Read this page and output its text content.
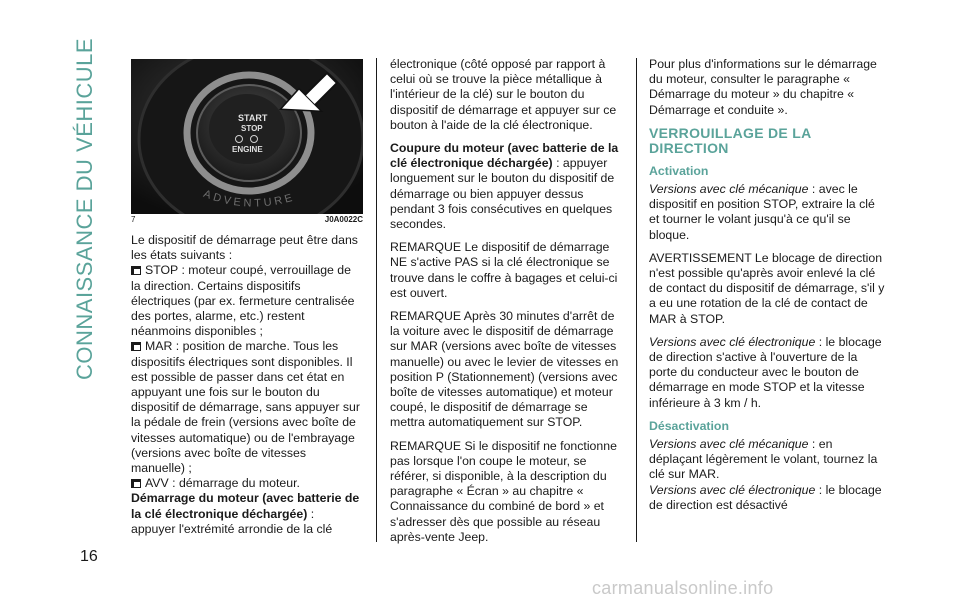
CONNAISSANCE DU VÉHICULE
16
START
STOP
ENGINE
ADVENTURE
7	J0A0022C

Le dispositif de démarrage peut être dans les états suivants :

STOP : moteur coupé, verrouillage de la direction. Certains dispositifs électriques (par ex. fermeture centralisée des portes, alarme, etc.) restent néanmoins disponibles ;

MAR : position de marche. Tous les dispositifs électriques sont disponibles. Il est possible de passer dans cet état en appuyant une fois sur le bouton du dispositif de démarrage, sans appuyer sur la pédale de frein (versions avec boîte de vitesses automatique) ou de l'embrayage (versions avec boîte de vitesses manuelle) ;

AVV : démarrage du moteur.

Démarrage du moteur (avec batterie de la clé électronique déchargée) :
appuyer l'extrémité arrondie de la clé

électronique (côté opposé par rapport à celui où se trouve la pièce métallique à l'intérieur de la clé) sur le bouton du dispositif de démarrage et appuyer sur ce bouton à l'aide de la clé électronique.

Coupure du moteur (avec batterie de la clé électronique déchargée) : appuyer longuement sur le bouton du dispositif de démarrage ou bien appuyer dessus pendant 3 fois consécutives en quelques secondes.

REMARQUE Le dispositif de démarrage NE s'active PAS si la clé électronique se trouve dans le coffre à bagages et celui-ci est ouvert.

REMARQUE Après 30 minutes d'arrêt de la voiture avec le dispositif de démarrage sur MAR (versions avec boîte de vitesses manuelle) ou avec le levier de vitesses en position P (Stationnement) (versions avec boîte de vitesses automatique) et moteur coupé, le dispositif de démarrage se mettra automatiquement sur STOP.

REMARQUE Si le dispositif ne fonctionne pas lorsque l'on coupe le moteur, se référer, si disponible, à la description du paragraphe « Écran » au chapitre « Connaissance du combiné de bord » et s'adresser dès que possible au réseau après-vente Jeep.

Pour plus d'informations sur le démarrage du moteur, consulter le paragraphe « Démarrage du moteur » du chapitre « Démarrage et conduite ».

VERROUILLAGE DE LA DIRECTION
Activation

Versions avec clé mécanique : avec le dispositif en position STOP, extraire la clé et tourner le volant jusqu'à ce qu'il se bloque.

AVERTISSEMENT Le blocage de direction n'est possible qu'après avoir enlevé la clé de contact du dispositif de démarrage, s'il y a eu une rotation de la clé de contact de MAR à STOP.

Versions avec clé électronique : le blocage de direction s'active à l'ouverture de la porte du conducteur avec le bouton de démarrage en mode STOP et la vitesse inférieure à 3 km / h.

Désactivation

Versions avec clé mécanique : en déplaçant légèrement le volant, tournez la clé sur MAR.

Versions avec clé électronique : le blocage de direction est désactivé

carmanualsonline.info
